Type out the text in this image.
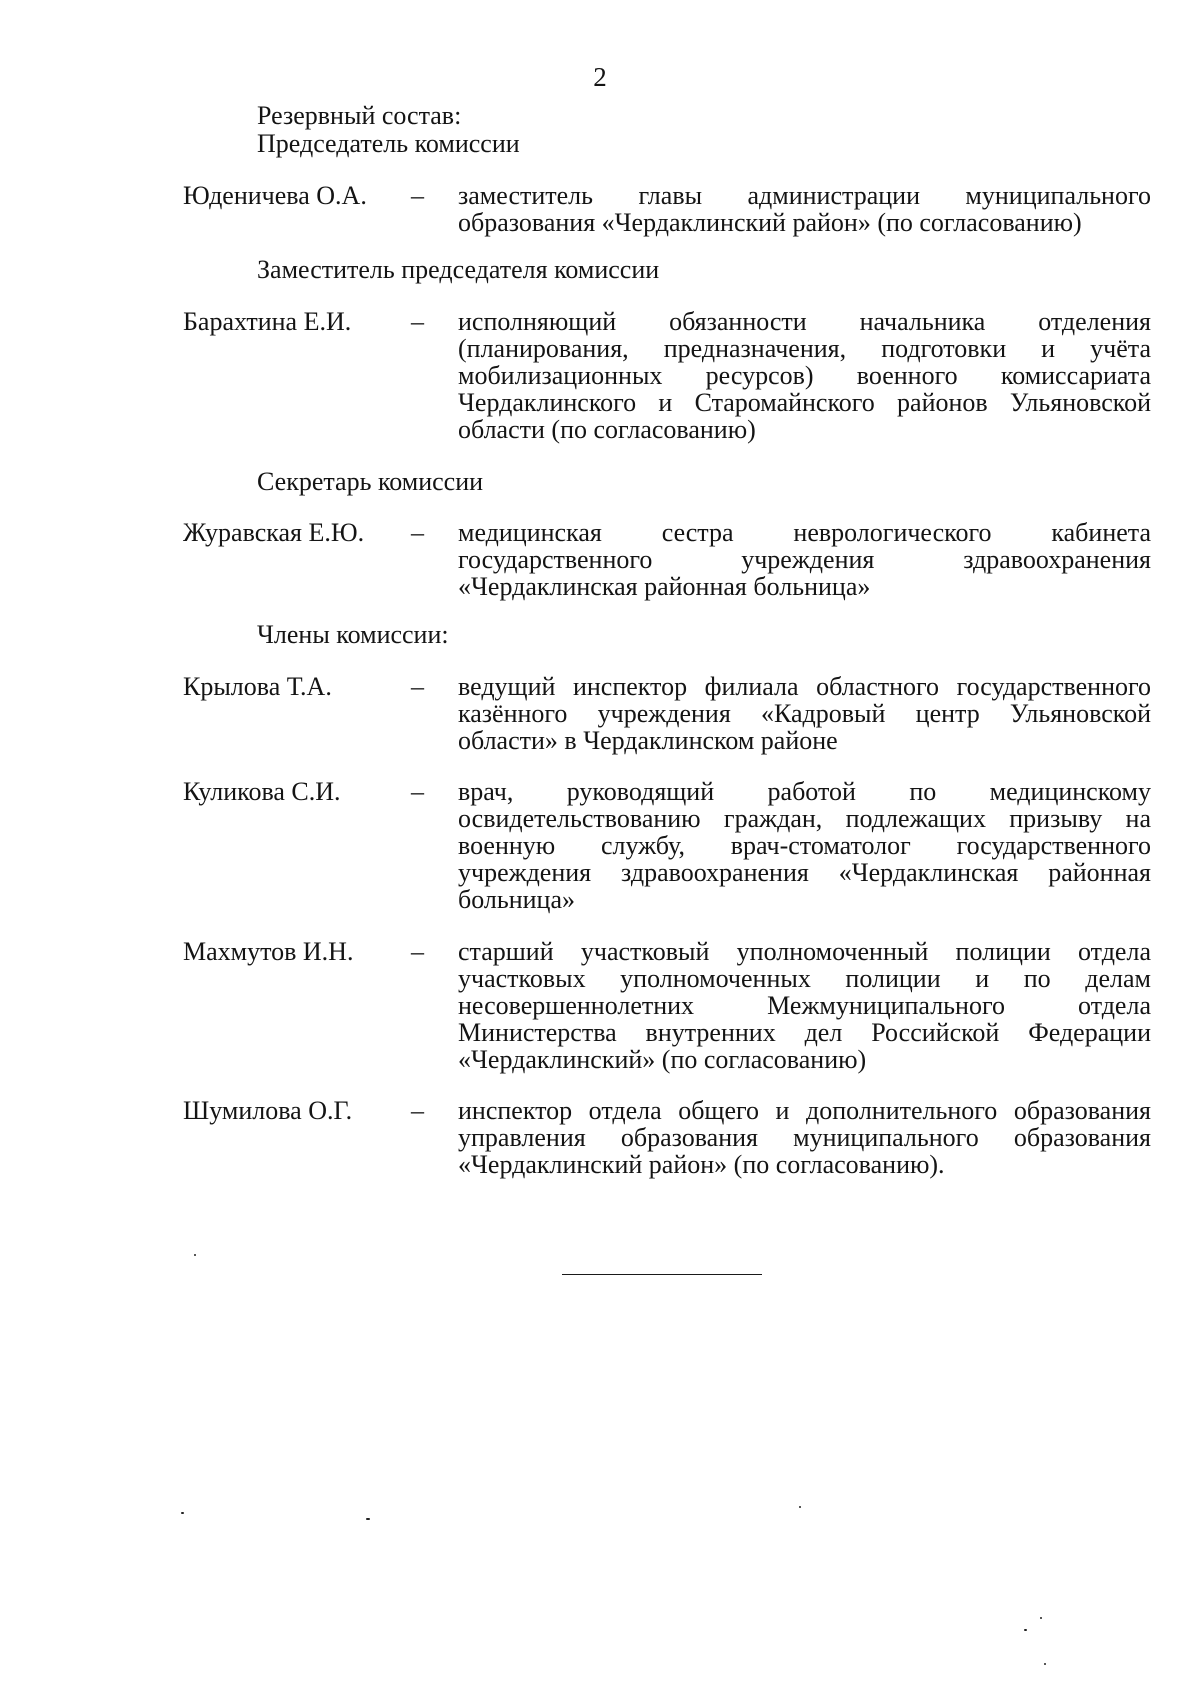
2
Резервный состав:
Председатель комиссии
Юденичева О.А. – заместитель главы администрации муниципального образования «Чердаклинский район» (по согласованию)
Заместитель председателя комиссии
Барахтина Е.И. – исполняющий обязанности начальника отделения (планирования, предназначения, подготовки и учёта мобилизационных ресурсов) военного комиссариата Чердаклинского и Старомайнского районов Ульяновской области (по согласованию)
Секретарь комиссии
Журавская Е.Ю. – медицинская сестра неврологического кабинета государственного учреждения здравоохранения «Чердаклинская районная больница»
Члены комиссии:
Крылова Т.А.	– ведущий инспектор филиала областного государственного казённого учреждения «Кадровый центр Ульяновской области» в Чердаклинском районе
Куликова С.И.	– врач, руководящий работой по медицинскому освидетельствованию граждан, подлежащих призыву на военную службу, врач-стоматолог государственного учреждения здравоохранения «Чердаклинская районная больница»
Махмутов И.Н. – старший участковый уполномоченный полиции отдела участковых уполномоченных полиции и по делам несовершеннолетних Межмуниципального отдела Министерства внутренних дел Российской Федерации «Чердаклинский» (по согласованию)
Шумилова О.Г. – инспектор отдела общего и дополнительного образования управления образования муниципального образования «Чердаклинский район» (по согласованию).
